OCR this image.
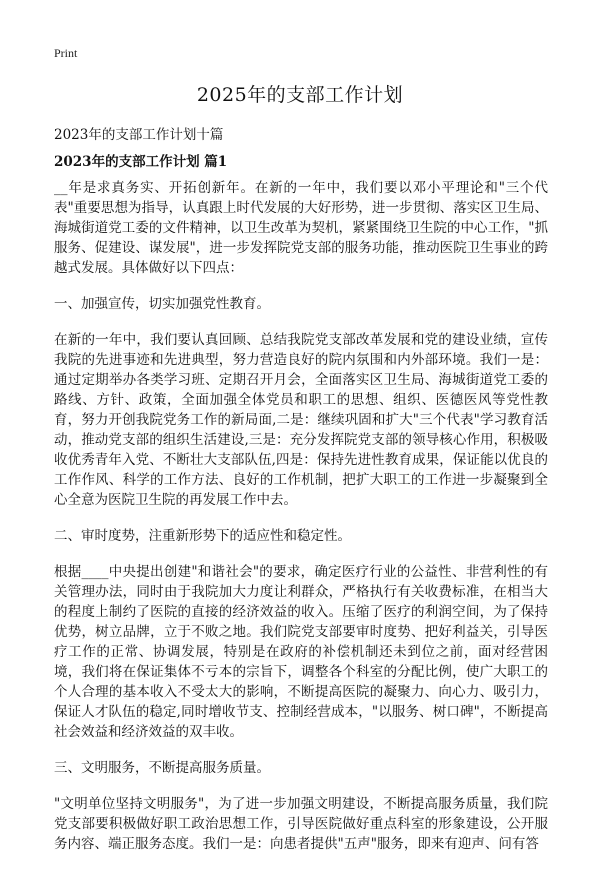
Print
2025年的支部工作计划
2023年的支部工作计划十篇
2023年的支部工作计划 篇1

__年是求真务实、开拓创新年。在新的一年中，我们要以邓小平理论和"三个代表"重要思想为指导，认真跟上时代发展的大好形势，进一步贯彻、落实区卫生局、海城街道党工委的文件精神，以卫生改革为契机，紧紧围绕卫生院的中心工作，"抓服务、促建设、谋发展"，进一步发挥院党支部的服务功能，推动医院卫生事业的跨越式发展。具体做好以下四点：

一、加强宣传，切实加强党性教育。

在新的一年中，我们要认真回顾、总结我院党支部改革发展和党的建设业绩，宣传我院的先进事迹和先进典型，努力营造良好的院内氛围和内外部环境。我们一是：通过定期举办各类学习班、定期召开月会，全面落实区卫生局、海城街道党工委的路线、方针、政策，全面加强全体党员和职工的思想、组织、医德医风等党性教育，努力开创我院党务工作的新局面,二是：继续巩固和扩大"三个代表"学习教育活动，推动党支部的组织生活建设,三是：充分发挥院党支部的领导核心作用，积极吸收优秀青年入党、不断壮大支部队伍,四是：保持先进性教育成果，保证能以优良的工作作风、科学的工作方法、良好的工作机制，把扩大职工的工作进一步凝聚到全心全意为医院卫生院的再发展工作中去。

二、审时度势，注重新形势下的适应性和稳定性。

根据____中央提出创建"和谐社会"的要求，确定医疗行业的公益性、非营利性的有关管理办法，同时由于我院加大力度让利群众，严格执行有关收费标准，在相当大的程度上制约了医院的直接的经济效益的收入。压缩了医疗的利润空间，为了保持优势，树立品牌，立于不败之地。我们院党支部要审时度势、把好利益关，引导医疗工作的正常、协调发展，特别是在政府的补偿机制还未到位之前，面对经营困境，我们将在保证集体不亏本的宗旨下，调整各个科室的分配比例，使广大职工的个人合理的基本收入不受太大的影响，不断提高医院的凝聚力、向心力、吸引力，保证人才队伍的稳定,同时增收节支、控制经营成本，"以服务、树口碑"，不断提高社会效益和经济效益的双丰收。

三、文明服务，不断提高服务质量。

"文明单位坚持文明服务"，为了进一步加强文明建设，不断提高服务质量，我们院党支部要积极做好职工政治思想工作，引导医院做好重点科室的形象建设，公开服务内容、端正服务态度。我们一是：向患者提供"五声"服务，即来有迎声、问有答
